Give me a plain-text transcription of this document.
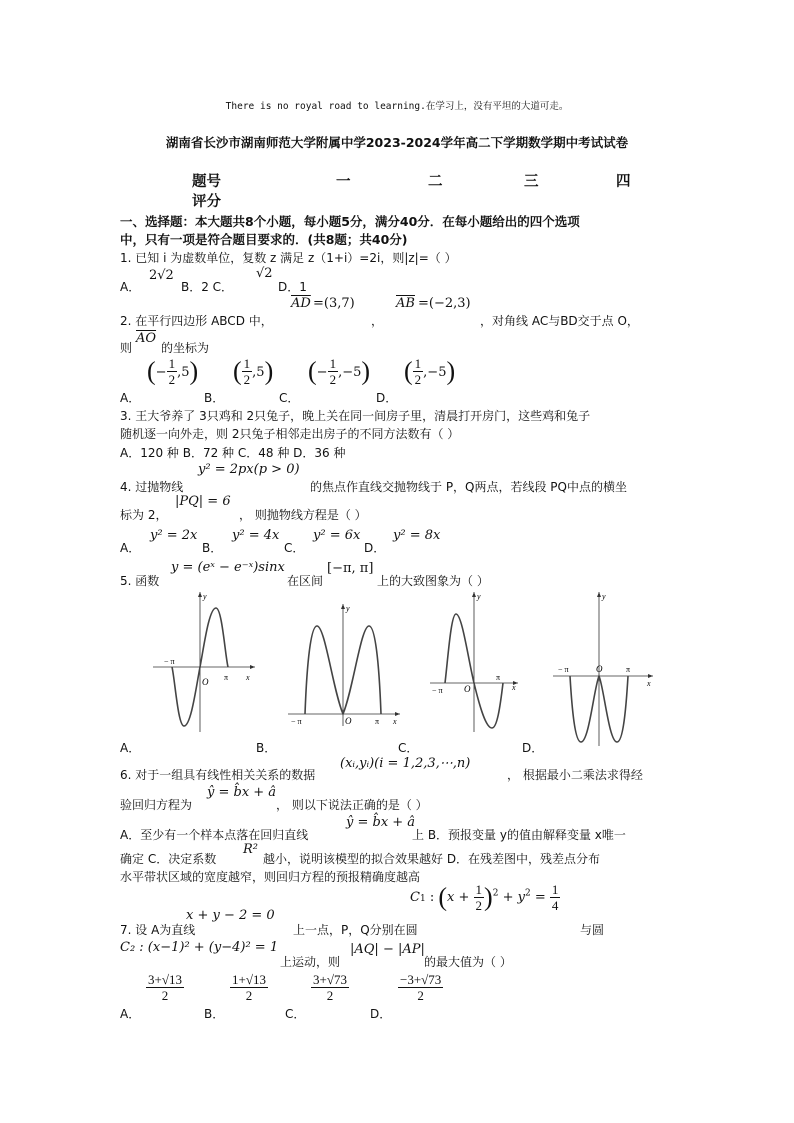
There is no royal road to learning.在学习上，没有平坦的大道可走。
湖南省长沙市湖南师范大学附属中学2023-2024学年高二下学期数学期中考试试卷
题号	一	二	三	四
评分
一、选择题：本大题共8个小题，每小题5分，满分40分．在每小题给出的四个选项
中，只有一项是符合题目要求的．(共8题；共40分)
1. 已知 i 为虚数单位，复数 z 满足 z（1+i）=2i，则|z|=（ ）
A．
2√2
B．2 C．
√2
D．1
2. 在平行四边形 ABCD 中，
$\overline{AD} =(3,7)$
，
$\overline{AB} =(-2,3)$
，对角线 AC与BD交于点 O，
则
$\overline{AO}$
的坐标为
A．
(− $\frac{1}{2} ,5$)
B．
( $\frac{1}{2} ,5$)
C．
(− $\frac{1}{2} ,-5$)
D．
( $\frac{1}{2} ,-5$)
3. 王大爷养了 3只鸡和 2只兔子，晚上关在同一间房子里，清晨打开房门，这些鸡和兔子
随机逐一向外走，则 2只兔子相邻走出房子的不同方法数有（ ）
A．120 种 B．72 种 C．48 种 D．36 种
4. 过抛物线
y² = 2px(p > 0)
的焦点作直线交抛物线于 P，Q两点，若线段 PQ中点的横坐
标为 2，
|PQ| = 6
， 则抛物线方程是（ ）
A．
y² = 2x
B．
y² = 4x
C．
y² = 6x
D．
y² = 8x
5. 函数
y = (eˣ − e⁻ˣ)sinx
在区间
[−π, π]
上的大致图象为（ ）
y
x
O
− π
π
A．
y
x
O
− π	π
B．
y
x
O
− π
π
C．
y
x
O
− π	π
D．
6. 对于一组具有线性相关关系的数据
(xᵢ,yᵢ)(i = 1,2,3,⋯,n)
， 根据最小二乘法求得经
验回归方程为
ŷ = b̂x + â
， 则以下说法正确的是（ ）
A．至少有一个样本点落在回归直线
ŷ = b̂x + â
上 B．预报变量 y的值由解释变量 x唯一
确定 C．决定系数
R²
越小，说明该模型的拟合效果越好 D．在残差图中，残差点分布
水平带状区域的宽度越窄，则回归方程的预报精确度越高
C1 : $(x + \frac{1}{2} )^2 + y^2 = \frac{1}{4}$
7. 设 A为直线
x + y − 2 = 0
上一点，P，Q分别在圆	与圆
C₂ : (x−1)² + (y−4)² = 1
上运动，则
|AQ| − |AP|
的最大值为（ ）
$\frac{3+√13}{2}$	$\frac{1+√13}{2}$	$\frac{3+√73}{2}$	$\frac{-3+√73}{2}$
A．	B．	C．	D．
